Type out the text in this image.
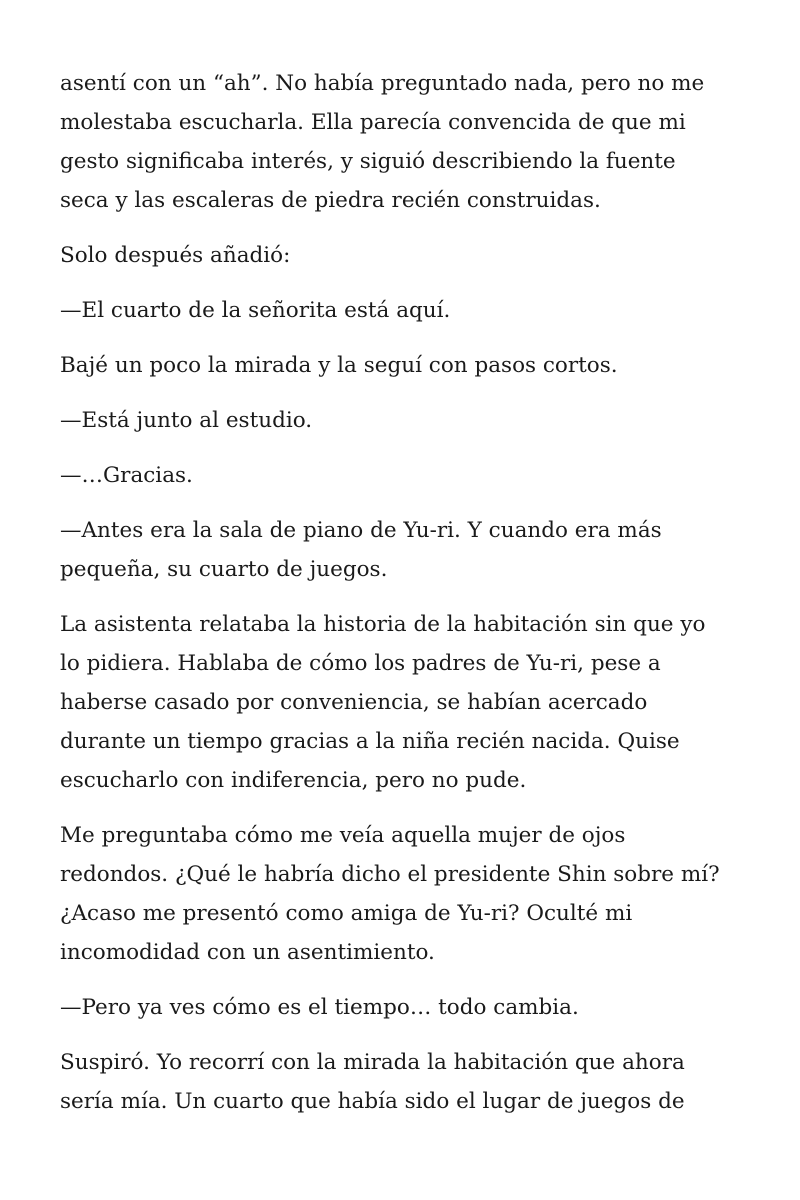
asentí con un “ah”. No había preguntado nada, pero no me
molestaba escucharla. Ella parecía convencida de que mi
gesto significaba interés, y siguió describiendo la fuente
seca y las escaleras de piedra recién construidas.

Solo después añadió:

—El cuarto de la señorita está aquí.

Bajé un poco la mirada y la seguí con pasos cortos.

—Está junto al estudio.

—…Gracias.

—Antes era la sala de piano de Yu-ri. Y cuando era más
pequeña, su cuarto de juegos.

La asistenta relataba la historia de la habitación sin que yo
lo pidiera. Hablaba de cómo los padres de Yu-ri, pese a
haberse casado por conveniencia, se habían acercado
durante un tiempo gracias a la niña recién nacida. Quise
escucharlo con indiferencia, pero no pude.

Me preguntaba cómo me veía aquella mujer de ojos
redondos. ¿Qué le habría dicho el presidente Shin sobre mí?
¿Acaso me presentó como amiga de Yu-ri? Oculté mi
incomodidad con un asentimiento.

—Pero ya ves cómo es el tiempo… todo cambia.

Suspiró. Yo recorrí con la mirada la habitación que ahora
sería mía. Un cuarto que había sido el lugar de juegos de
